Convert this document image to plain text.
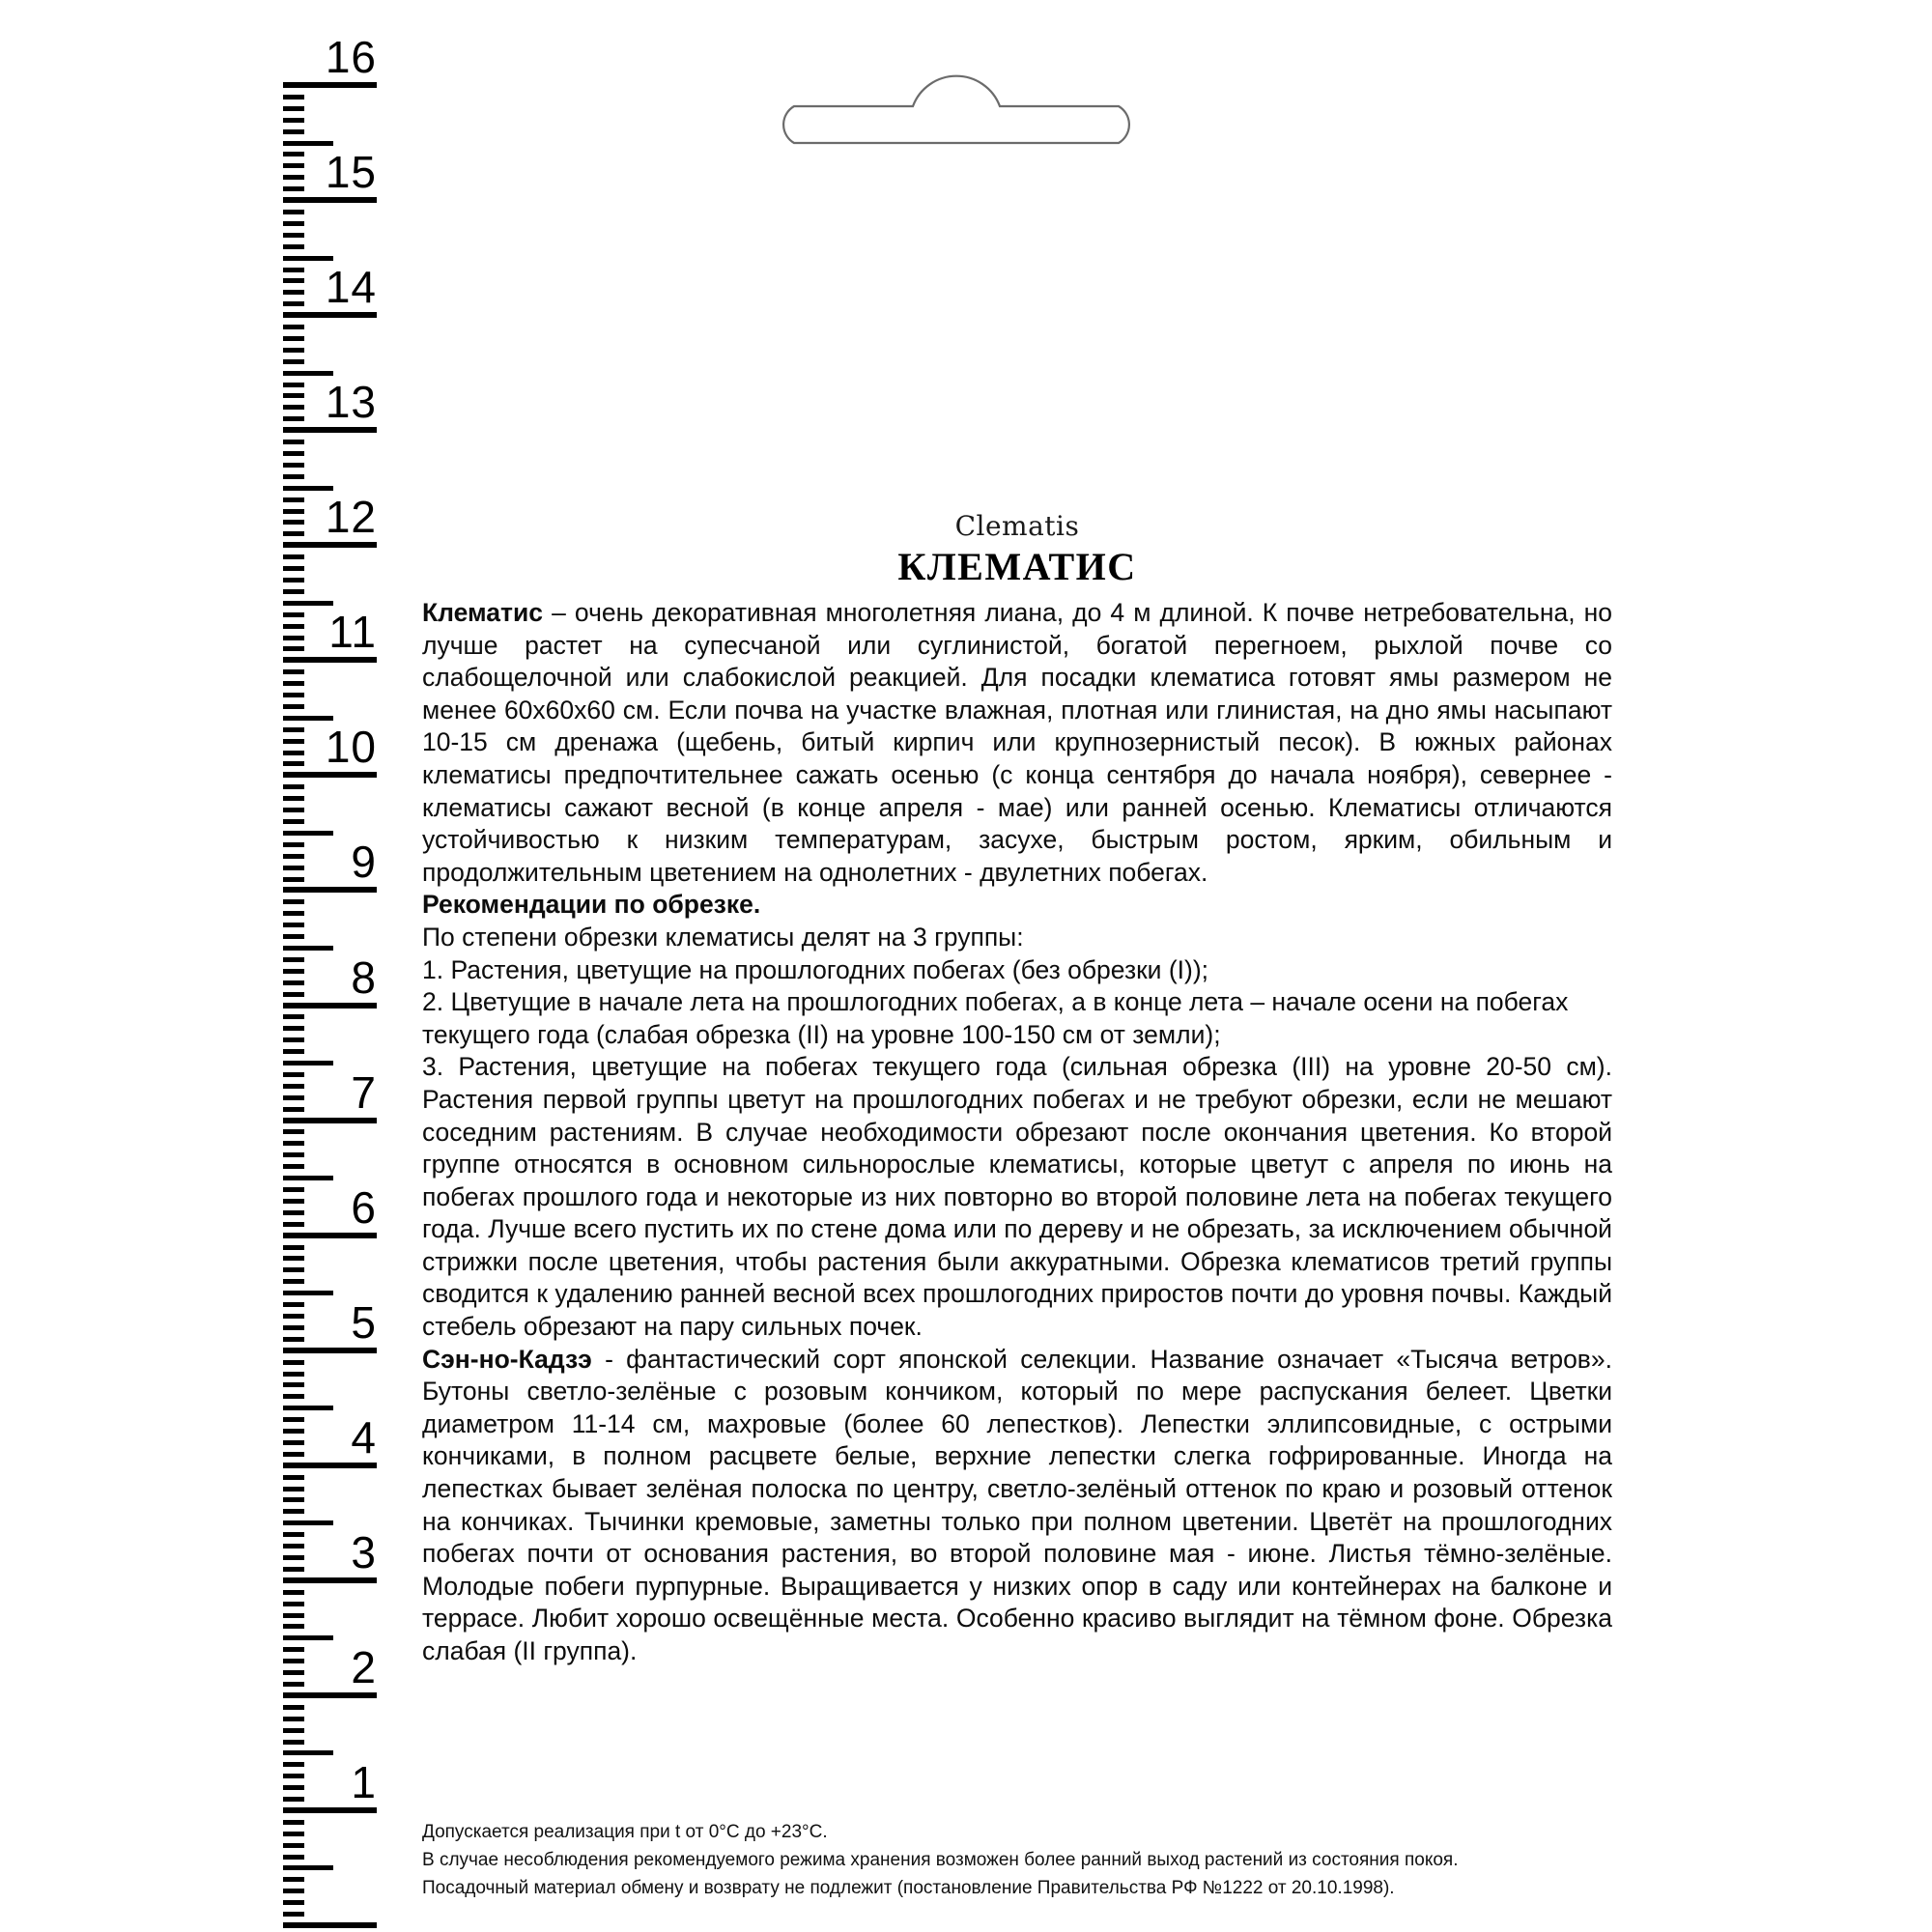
16
15
14
13
12
11
10
9
8
7
6
5
4
3
2
1
Clematis
КЛЕМАТИС

Клематис – очень декоративная многолетняя лиана, до 4 м длиной. К почве нетребовательна, но лучше растет на супесчаной или суглинистой, богатой перегноем, рыхлой почве со слабощелочной или слабокислой реакцией. Для посадки клематиса готовят ямы размером не менее 60х60х60 см. Если почва на участке влажная, плотная или глинистая, на дно ямы насыпают 10-15 см дренажа (щебень, битый кирпич или крупнозернистый песок). В южных районах клематисы предпочтительнее сажать осенью (с конца сентября до начала ноября), севернее - клематисы сажают весной (в конце апреля - мае) или ранней осенью. Клематисы отличаются устойчивостью к низким температурам, засухе, быстрым ростом, ярким, обильным и продолжительным цветением на однолетних - двулетних побегах.

Рекомендации по обрезке.

По степени обрезки клематисы делят на 3 группы:

1. Растения, цветущие на прошлогодних побегах (без обрезки (I));

2. Цветущие в начале лета на прошлогодних побегах, а в конце лета – начале осени на побегах текущего года (слабая обрезка (II) на уровне 100-150 см от земли);

3. Растения, цветущие на побегах текущего года (сильная обрезка (III) на уровне 20-50 см). Растения первой группы цветут на прошлогодних побегах и не требуют обрезки, если не мешают соседним растениям. В случае необходимости обрезают после окончания цветения. Ко второй группе относятся в основном сильнорослые клематисы, которые цветут с апреля по июнь на побегах прошлого года и некоторые из них повторно во второй половине лета на побегах текущего года. Лучше всего пустить их по стене дома или по дереву и не обрезать, за исключением обычной стрижки после цветения, чтобы растения были аккуратными. Обрезка клематисов третий группы сводится к удалению ранней весной всех прошлогодних приростов почти до уровня почвы. Каждый стебель обрезают на пару сильных почек.

Сэн-но-Кадзэ - фантастический сорт японской селекции. Название означает «Тысяча ветров». Бутоны светло-зелёные с розовым кончиком, который по мере распускания белеет. Цветки диаметром 11-14 см, махровые (более 60 лепестков). Лепестки эллипсовидные, с острыми кончиками, в полном расцвете белые, верхние лепестки слегка гофрированные. Иногда на лепестках бывает зелёная полоска по центру, светло-зелёный оттенок по краю и розовый оттенок на кончиках. Тычинки кремовые, заметны только при полном цветении. Цветёт на прошлогодних побегах почти от основания растения, во второй половине мая - июне. Листья тёмно-зелёные. Молодые побеги пурпурные. Выращивается у низких опор в саду или контейнерах на балконе и террасе. Любит хорошо освещённые места. Особенно красиво выглядит на тёмном фоне. Обрезка слабая (II группа).

Допускается реализация при t от 0°С до +23°С.

В случае несоблюдения рекомендуемого режима хранения возможен более ранний выход растений из состояния покоя.

Посадочный материал обмену и возврату не подлежит (постановление Правительства РФ №1222 от 20.10.1998).
